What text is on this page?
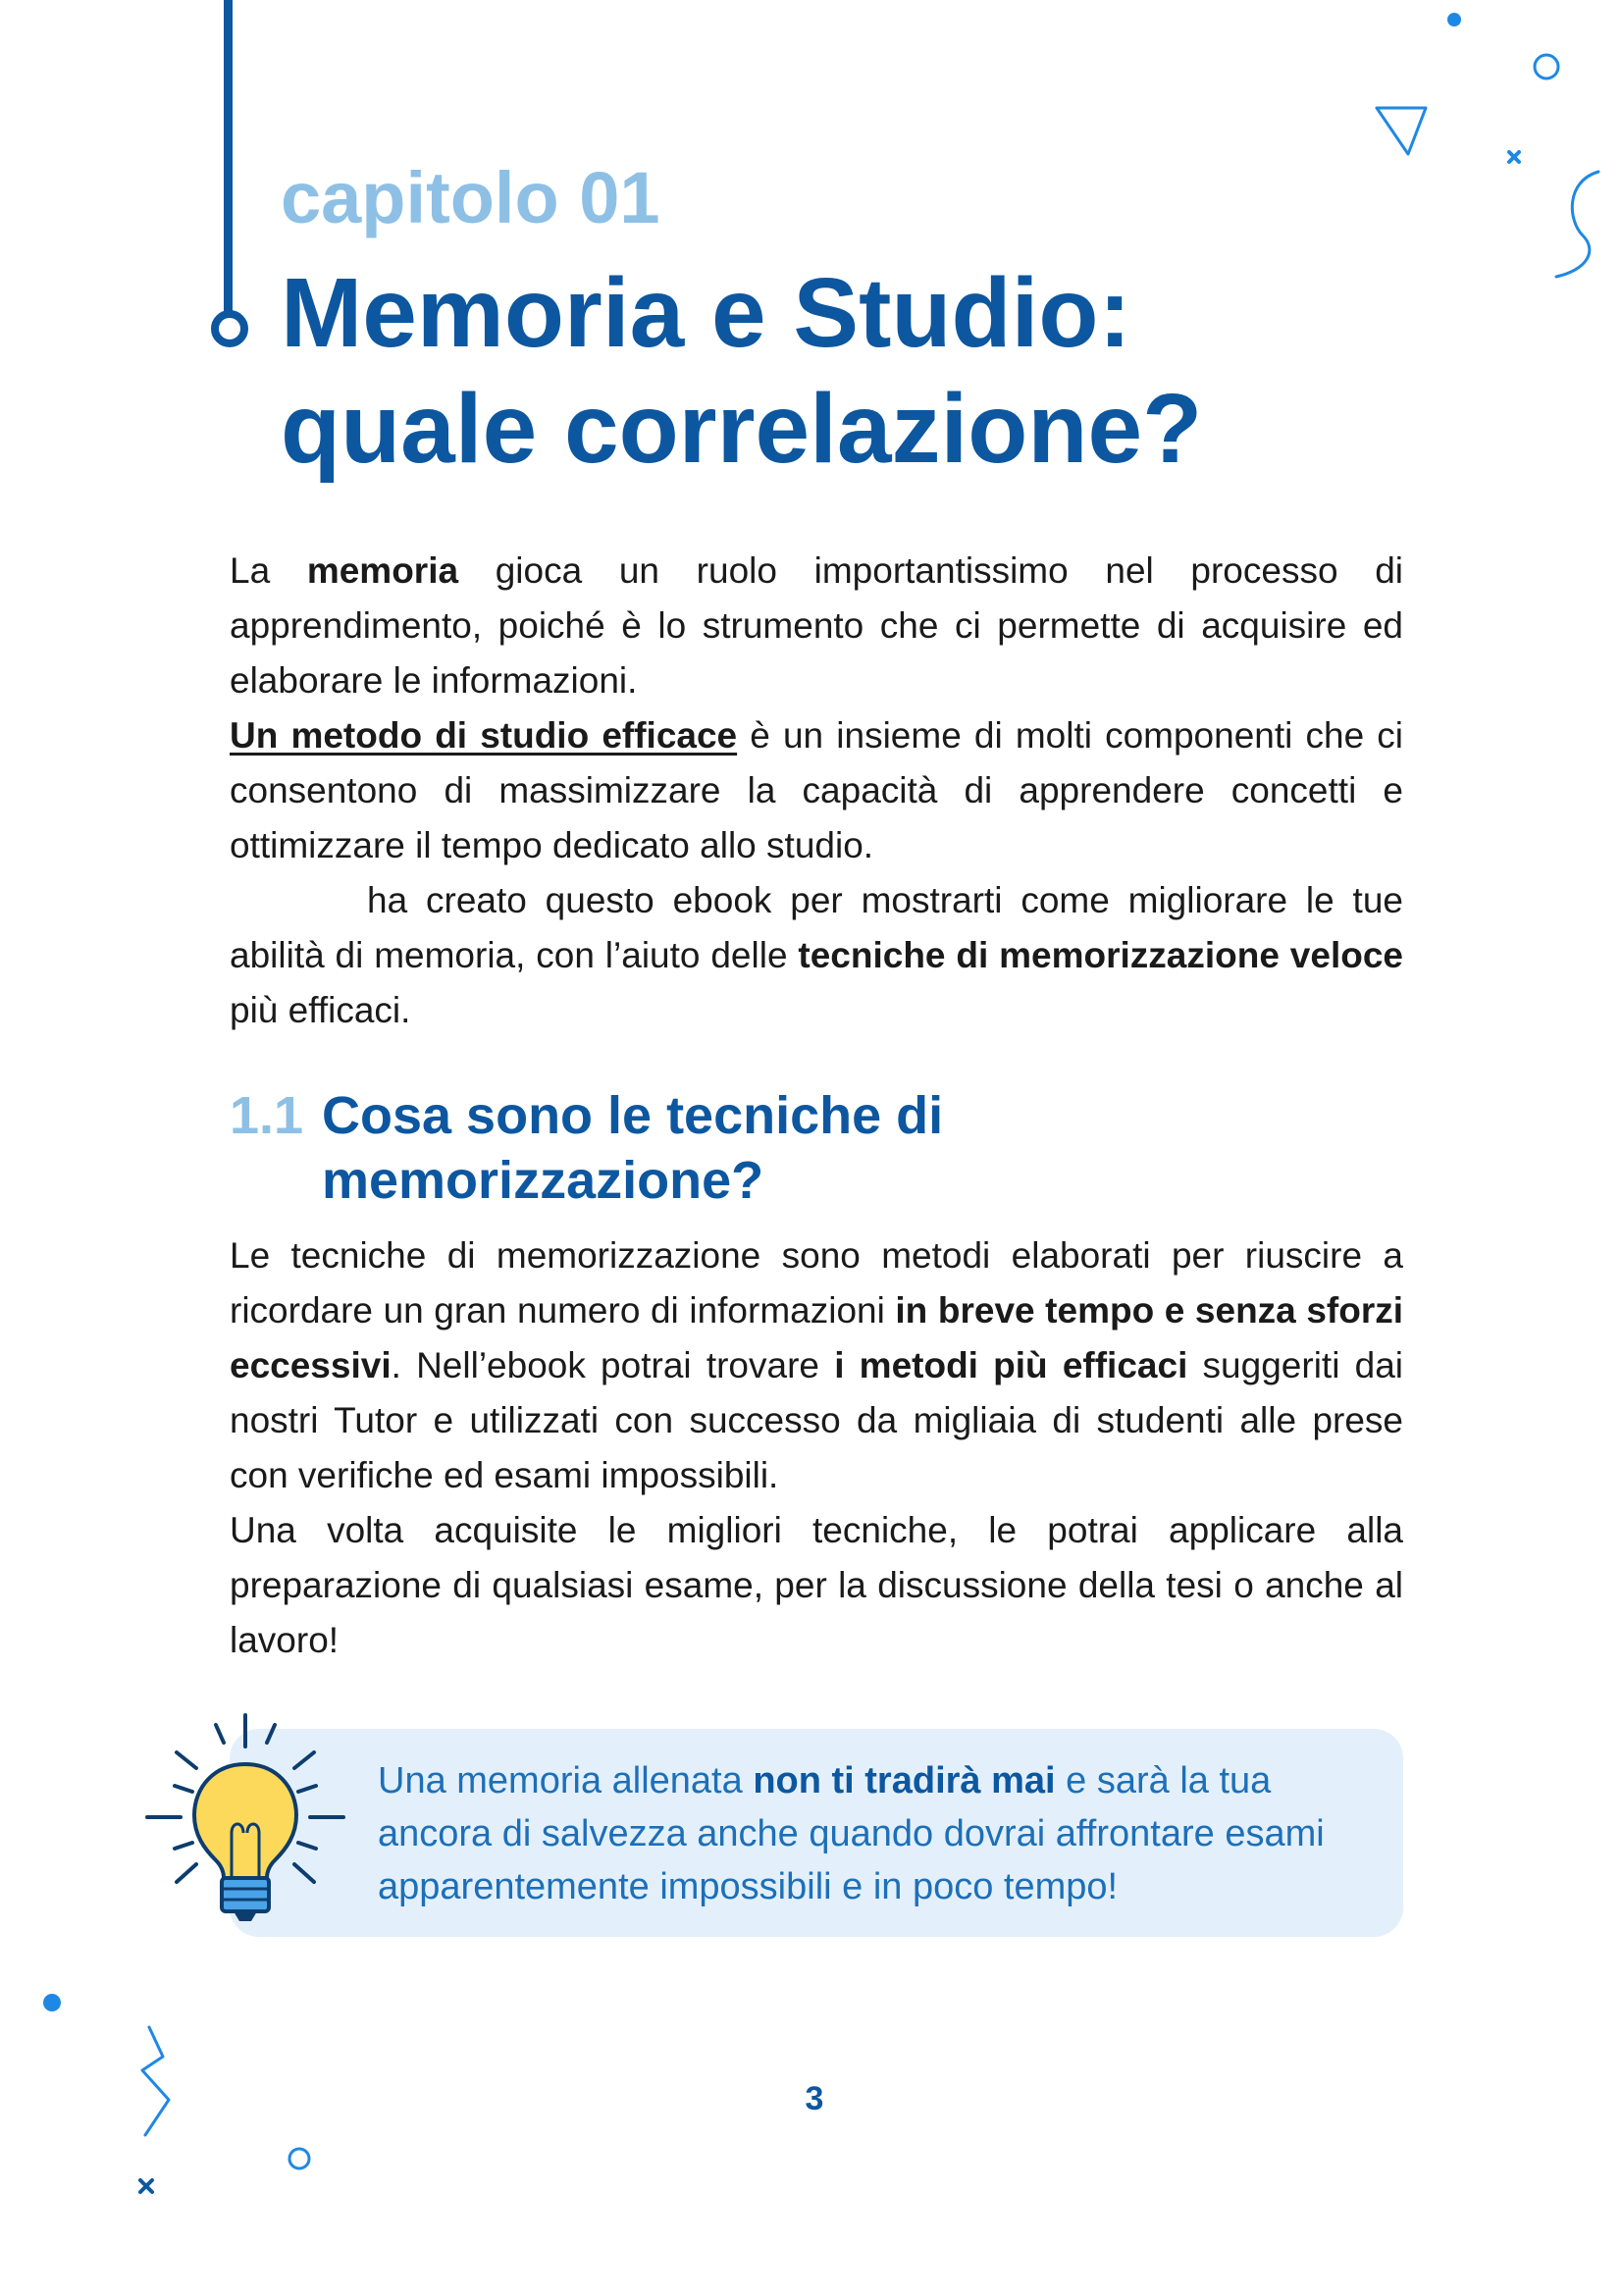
capitolo 01
Memoria e Studio:
quale correlazione?

La memoria gioca un ruolo importantissimo nel processo di apprendimento, poiché è lo strumento che ci permette di acquisire ed elaborare le informazioni.

Un metodo di studio efficace è un insieme di molti componenti che ci consentono di massimizzare la capacità di apprendere concetti e ottimizzare il tempo dedicato allo studio.

ha creato questo ebook per mostrarti come migliorare le tue abilità di memoria, con l’aiuto delle tecniche di memorizzazione veloce più efficaci.

1.1 Cosa sono le tecniche di memorizzazione?

Le tecniche di memorizzazione sono metodi elaborati per riuscire a ricordare un gran numero di informazioni in breve tempo e senza sforzi eccessivi. Nell’ebook potrai trovare i metodi più efficaci suggeriti dai nostri Tutor e utilizzati con successo da migliaia di studenti alle prese con verifiche ed esami impossibili.

Una volta acquisite le migliori tecniche, le potrai applicare alla preparazione di qualsiasi esame, per la discussione della tesi o anche al lavoro!

Una memoria allenata non ti tradirà mai e sarà la tua ancora di salvezza anche quando dovrai affrontare esami apparentemente impossibili e in poco tempo!

3
